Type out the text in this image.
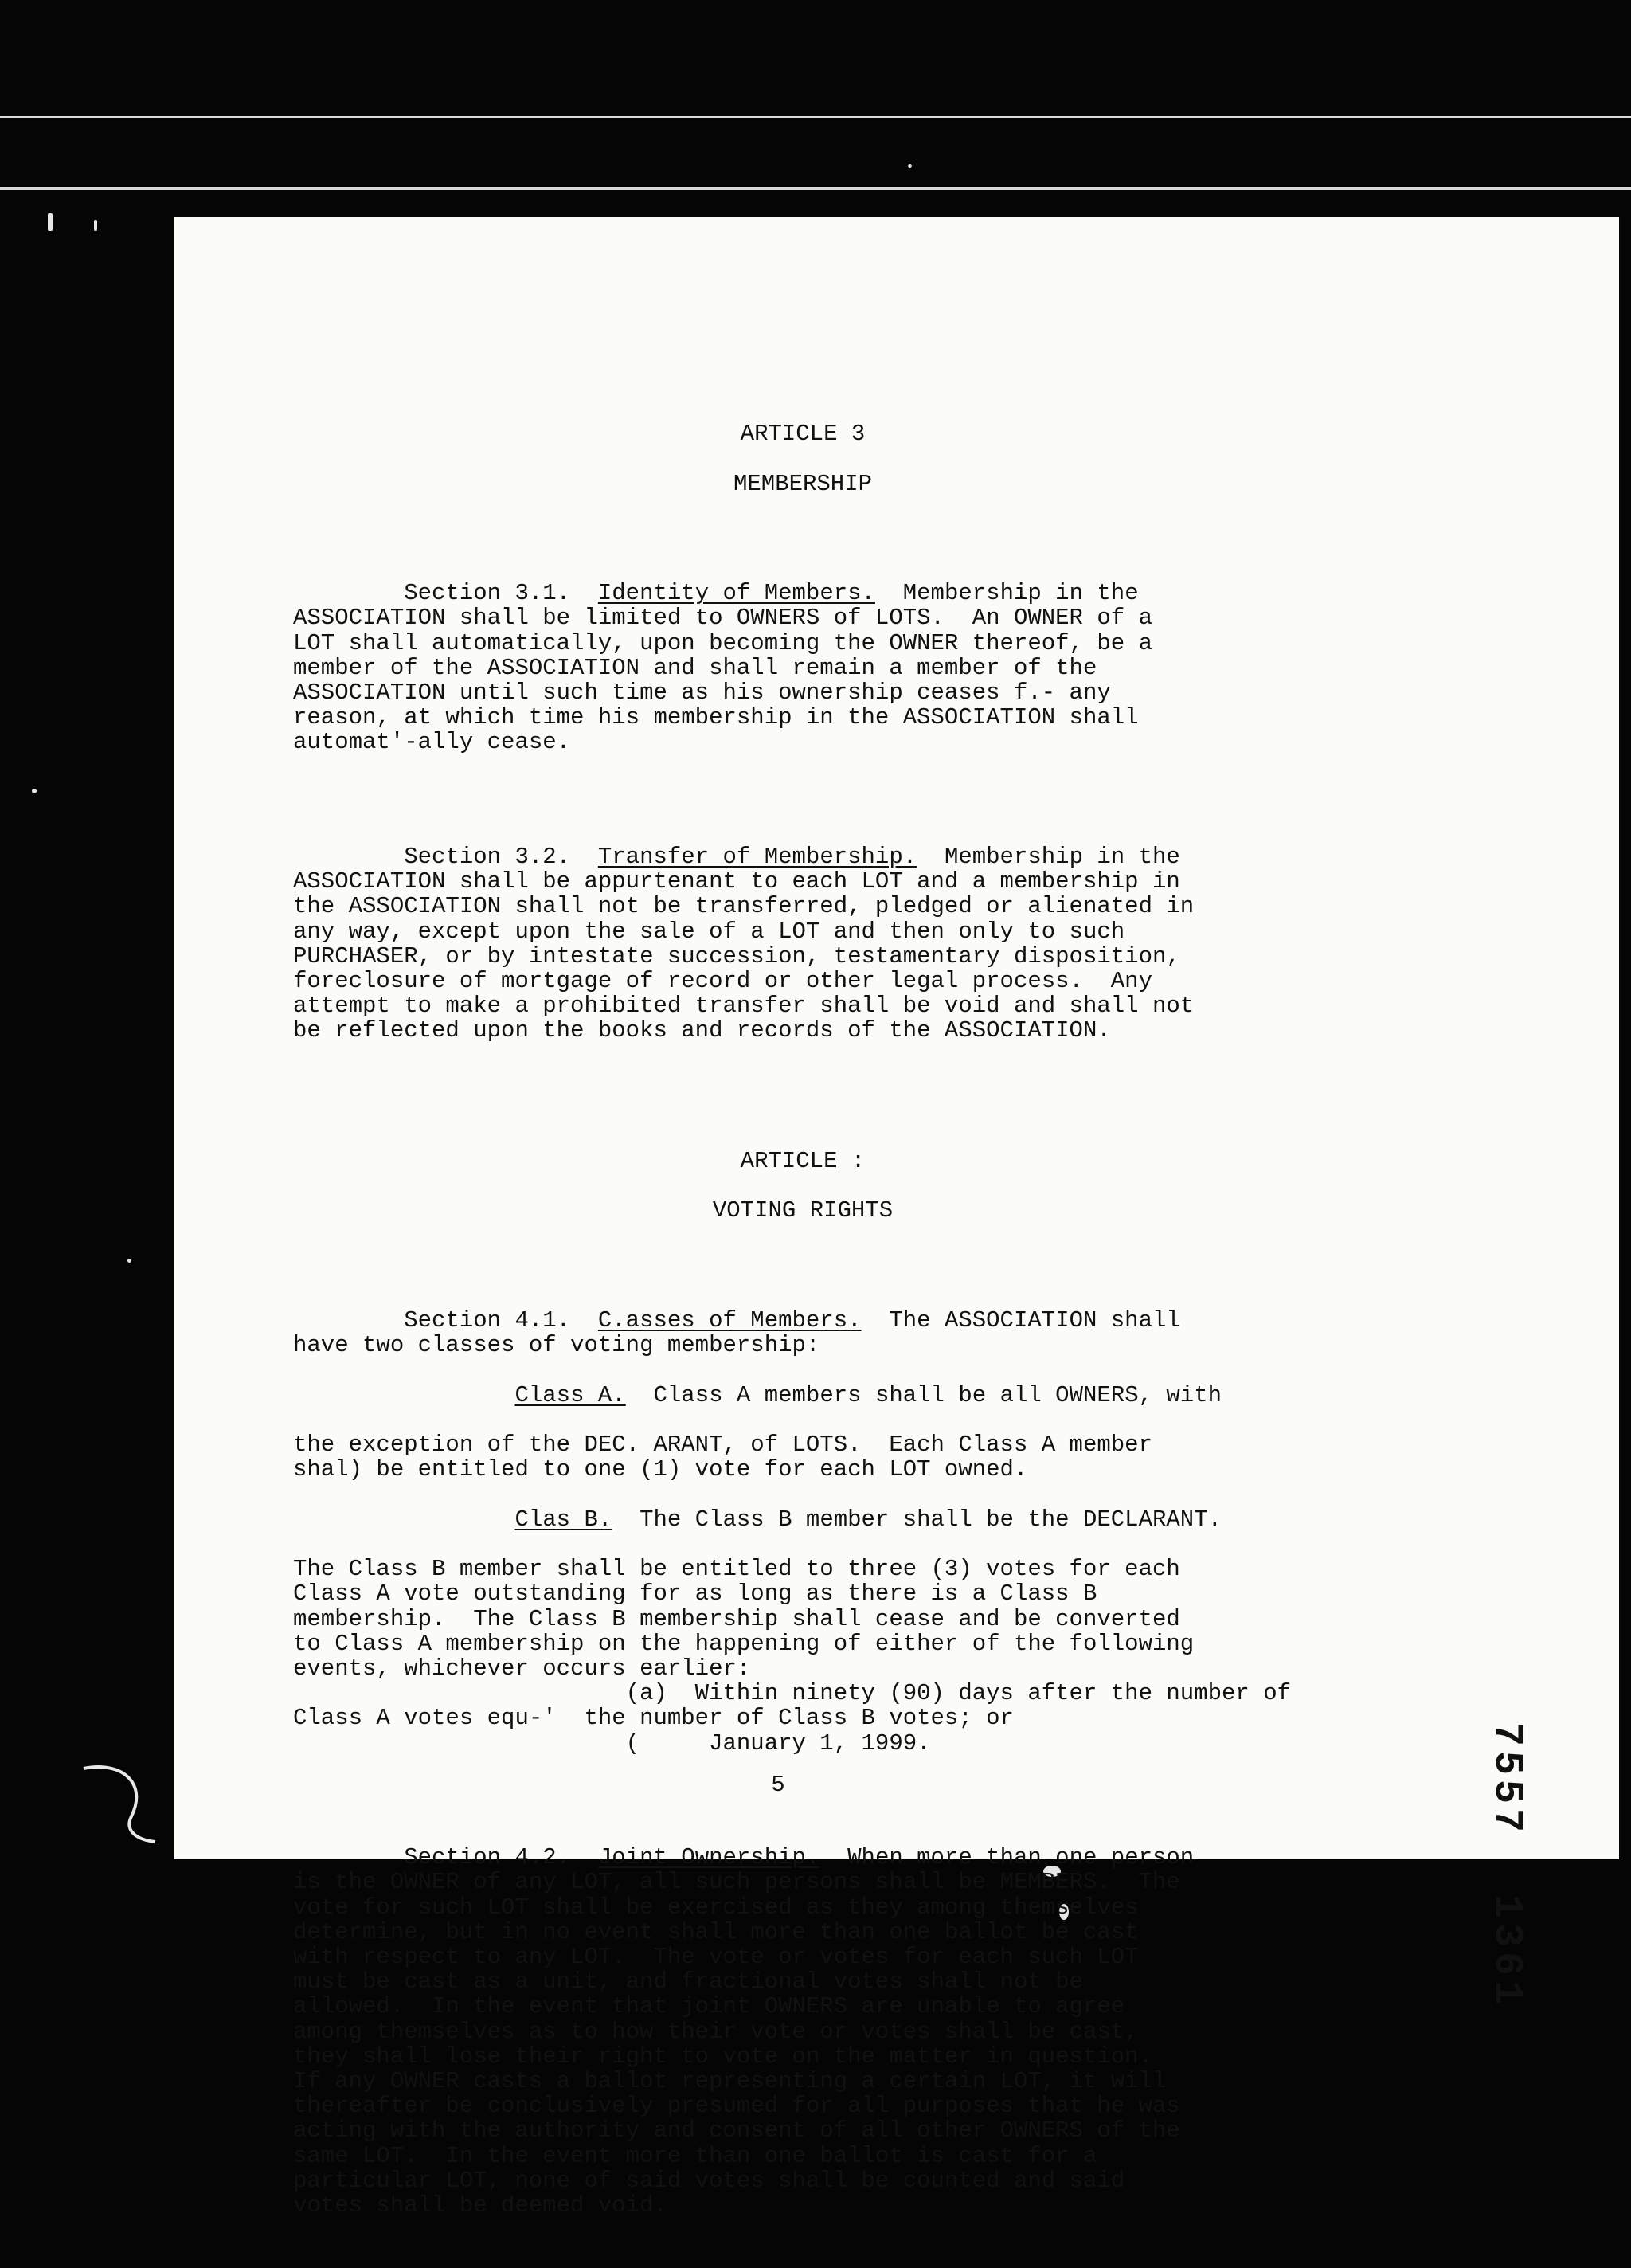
ARTICLE 3

MEMBERSHIP

Section 3.1.  Identity of Members.  Membership in the

ASSOCIATION shall be limited to OWNERS of LOTS.  An OWNER of a
LOT shall automatically, upon becoming the OWNER thereof, be a
member of the ASSOCIATION and shall remain a member of the
ASSOCIATION until such time as his ownership ceases f.- any
reason, at which time his membership in the ASSOCIATION shall
automat'-ally cease.

Section 3.2.  Transfer of Membership.  Membership in the

ASSOCIATION shall be appurtenant to each LOT and a membership in
the ASSOCIATION shall not be transferred, pledged or alienated in
any way, except upon the sale of a LOT and then only to such
PURCHASER, or by intestate succession, testamentary disposition,
foreclosure of mortgage of record or other legal process.  Any
attempt to make a prohibited transfer shall be void and shall not
be reflected upon the books and records of the ASSOCIATION.

ARTICLE :

VOTING RIGHTS

Section 4.1.  C.asses of Members.  The ASSOCIATION shall

have two classes of voting membership:

Class A.  Class A members shall be all OWNERS, with

the exception of the DEC. ARANT, of LOTS.  Each Class A member
shal) be entitled to one (1) vote for each LOT owned.

Clas B.  The Class B member shall be the DECLARANT.

The Class B member shall be entitled to three (3) votes for each
Class A vote outstanding for as long as there is a Class B
membership.  The Class B membership shall cease and be converted
to Class A membership on the happening of either of the following
events, whichever occurs earlier:
(a)  Within ninety (90) days after the number of
Class A votes equ-'  the number of Class B votes; or
(     January 1, 1999.

Section 4.2.  Joint Ownership.  When more than one person

is the OWNER of any LOT, all such persons shall be MEMBERS.  The
vote for such LOT shall be exercised as they among themselves
determine, but in no event shall more than one ballot be cast
with respect to any LOT.  The vote or votes for each such LOT
must be cast as a unit, and fractional votes shall not be
allowed.  In the event that joint OWNERS are unable to agree
among themselves as to how their vote or votes shall be cast,
they shall lose their right to vote on the matter in question.
If any OWNER casts a ballot representing a certain LOT, it will
thereafter be conclusively presumed for all purposes that he was
acting with the authority and consent of all other OWNERS of the
same LOT.  In the event more than one ballot is cast for a
particular LOT, none of said votes shall be counted and said
votes shall be deemed void.

5	7557  1361
